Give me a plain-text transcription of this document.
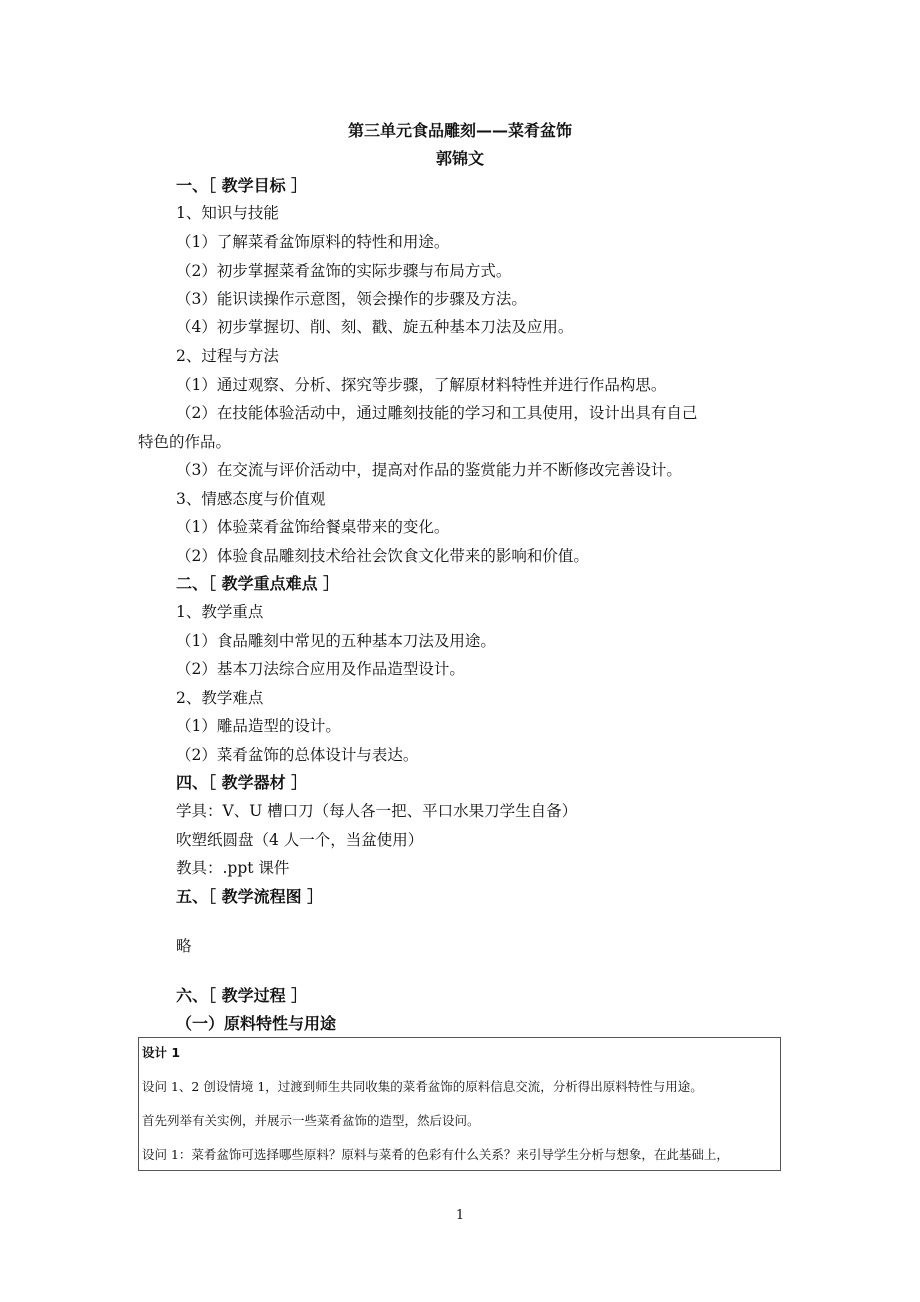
第三单元食品雕刻——菜肴盆饰
郭锦文
一、［ 教学目标 ］
1、知识与技能
（1）了解菜肴盆饰原料的特性和用途。
（2）初步掌握菜肴盆饰的实际步骤与布局方式。
（3）能识读操作示意图，领会操作的步骤及方法。
（4）初步掌握切、削、刻、戳、旋五种基本刀法及应用。
2、过程与方法
（1）通过观察、分析、探究等步骤，了解原材料特性并进行作品构思。
（2）在技能体验活动中，通过雕刻技能的学习和工具使用，设计出具有自己
特色的作品。
（3）在交流与评价活动中，提高对作品的鉴赏能力并不断修改完善设计。
3、情感态度与价值观
（1）体验菜肴盆饰给餐桌带来的变化。
（2）体验食品雕刻技术给社会饮食文化带来的影响和价值。
二、［ 教学重点难点 ］
1、教学重点
（1）食品雕刻中常见的五种基本刀法及用途。
（2）基本刀法综合应用及作品造型设计。
2、教学难点
（1）雕品造型的设计。
（2）菜肴盆饰的总体设计与表达。
四、［ 教学器材 ］
学具：V、U 槽口刀（每人各一把、平口水果刀学生自备）
吹塑纸圆盘（4 人一个，当盆使用）
教具：.ppt 课件
五、［ 教学流程图 ］
略
六、［ 教学过程 ］
（一）原料特性与用途
设计 1
设问 1、2 创设情境 1，过渡到师生共同收集的菜肴盆饰的原料信息交流，分析得出原料特性与用途。
首先列举有关实例，并展示一些菜肴盆饰的造型，然后设问。
设问 1：菜肴盆饰可选择哪些原料？原料与菜肴的色彩有什么关系？来引导学生分析与想象，在此基础上，
1
